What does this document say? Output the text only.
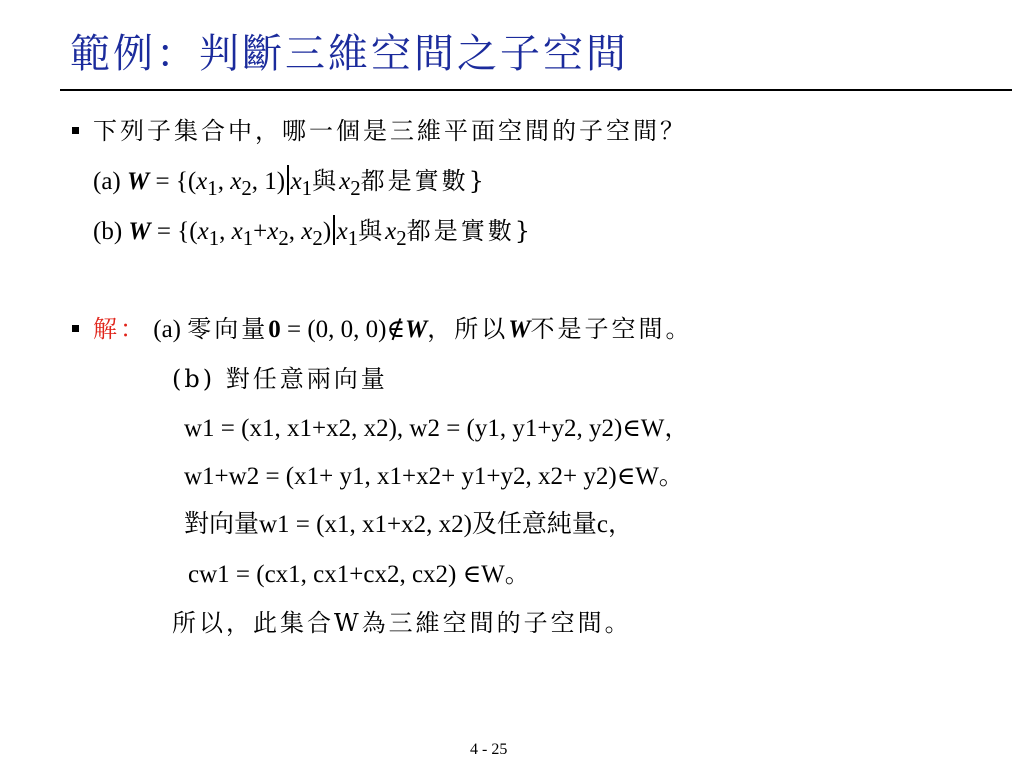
範例：判斷三維空間之子空間
下列子集合中，哪一個是三維平面空間的子空間？
(a) $W = \{(x_1$, $x_2$, 1) $x_1$與$x_2$都是實數}
(b) $W = \{(x_1$, $x_1+x_2$, $x_2$) $x_1$與$x_2$都是實數}
解： (a) 零向量0 = (0, 0, 0)∉W，所以W不是子空間。
(b) 對任意兩向量
w1 = (x1, x1+x2, x2), w2 = (y1, y1+y2, y2)∈W，
w1+w2 = (x1+ y1, x1+x2+ y1+y2, x2+ y2)∈W。
對向量w1 = (x1, x1+x2, x2)及任意純量c，
cw1 = (cx1, cx1+cx2, cx2) ∈W。
所以，此集合W為三維空間的子空間。
4 - 25
